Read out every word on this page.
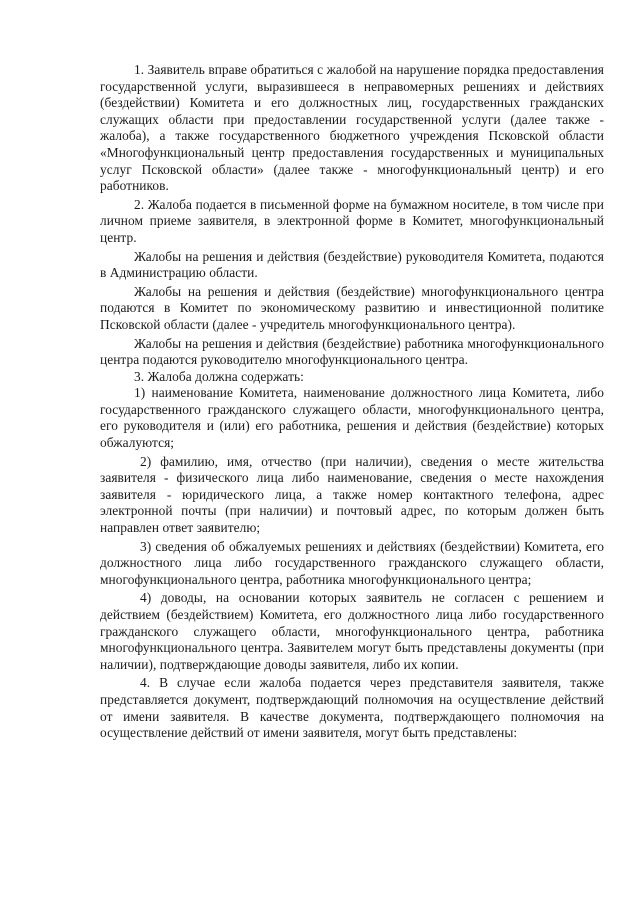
1. Заявитель вправе обратиться с жалобой на нарушение порядка предоставления государственной услуги, выразившееся в неправомерных решениях и действиях (бездействии) Комитета и его должностных лиц, государственных гражданских служащих области при предоставлении государственной услуги (далее также - жалоба), а также государственного бюджетного учреждения Псковской области «Многофункциональный центр предоставления государственных и муниципальных услуг Псковской области» (далее также - многофункциональный центр) и его работников.

2. Жалоба подается в письменной форме на бумажном носителе, в том числе при личном приеме заявителя, в электронной форме в Комитет, многофункциональный центр.

Жалобы на решения и действия (бездействие) руководителя Комитета, подаются в Администрацию области.

Жалобы на решения и действия (бездействие) многофункционального центра подаются в Комитет по экономическому развитию и инвестиционной политике Псковской области (далее - учредитель многофункционального центра).

Жалобы на решения и действия (бездействие) работника многофункционального центра подаются руководителю многофункционального центра.

3. Жалоба должна содержать:

1) наименование Комитета, наименование должностного лица Комитета, либо государственного гражданского служащего области, многофункционального центра, его руководителя и (или) его работника, решения и действия (бездействие) которых обжалуются;

2) фамилию, имя, отчество (при наличии), сведения о месте жительства заявителя - физического лица либо наименование, сведения о месте нахождения заявителя - юридического лица, а также номер контактного телефона, адрес электронной почты (при наличии) и почтовый адрес, по которым должен быть направлен ответ заявителю;

3) сведения об обжалуемых решениях и действиях (бездействии) Комитета, его должностного лица либо государственного гражданского служащего области, многофункционального центра, работника многофункционального центра;

4) доводы, на основании которых заявитель не согласен с решением и действием (бездействием) Комитета, его должностного лица либо государственного гражданского служащего области, многофункционального центра, работника многофункционального центра. Заявителем могут быть представлены документы (при наличии), подтверждающие доводы заявителя, либо их копии.

4. В случае если жалоба подается через представителя заявителя, также представляется документ, подтверждающий полномочия на осуществление действий от имени заявителя. В качестве документа, подтверждающего полномочия на осуществление действий от имени заявителя, могут быть представлены:
